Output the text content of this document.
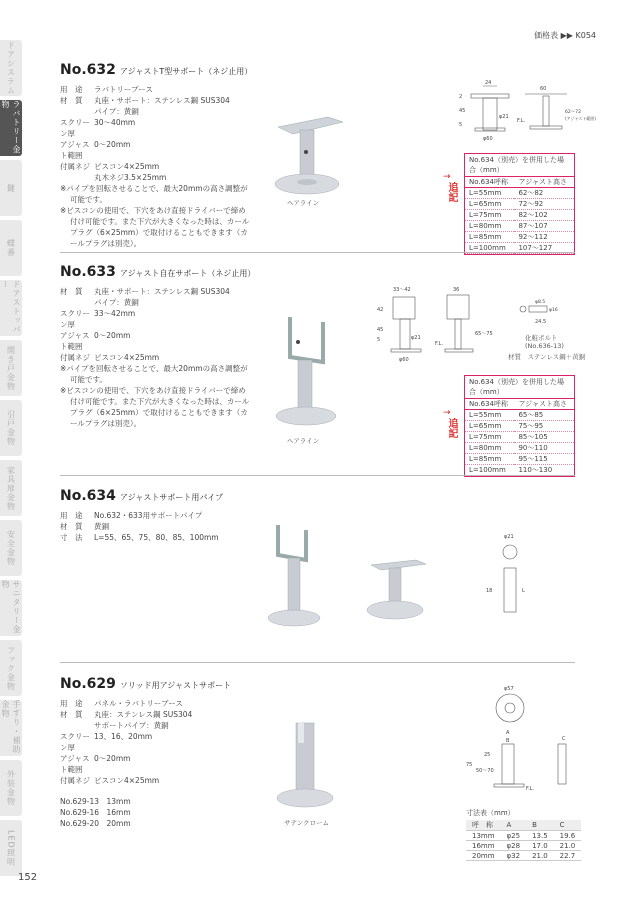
ドアシステム
ラバトリー金物
鍵
蝶番
ドアストッパー
開き戸金物
引戸金物
家具扉金物
安全金物
サニタリー金物
フック金物
手すり・補助金物
外装金物
LED照明
価格表 ▶▶ K054
152
No.632 アジャストT型サポート（ネジ止用）
用　途	ラバトリーブース
材　質	丸座・サポート：ステンレス鋼 SUS304
パイプ：黄銅
スクリーン厚
30〜40mm
アジャスト範囲
0〜20mm
付属ネジ ビスコン4×25mm
丸木ネジ3.5×25mm
※パイプを回転させることで、最大20mmの高さ調整が可能です。
※ビスコンの使用で、下穴をあけ直接ドライバーで締め付け可能です。また下穴が大きくなった時は、カールプラグ（6×25mm）で取付けることもできます（カールプラグは別売）。
ヘアライン
24
2
45
5
φ21
φ60
60
F.L.
62〜72
(アジャスト範囲)
→
追記
No.634（別売）を併用した場合（mm）
No.634呼称	アジャスト高さ
L=55mm	62〜82
L=65mm	72〜92
L=75mm	82〜102
L=80mm	87〜107
L=85mm	92〜112
L=100mm	107〜127
No.633 アジャスト自在サポート（ネジ止用）
材　質	丸座・サポート：ステンレス鋼 SUS304
パイプ：黄銅
スクリーン厚
33〜42mm
アジャスト範囲
0〜20mm
付属ネジ ビスコン4×25mm
※パイプを回転させることで、最大20mmの高さ調整が可能です。
※ビスコンの使用で、下穴をあけ直接ドライバーで締め付け可能です。また下穴が大きくなった時は、カールプラグ（6×25mm）で取付けることもできます（カールプラグは別売）。
ヘアライン
33〜42
42
45
5	φ21
φ60
36
F.L.
65〜75
φ8.5
φ16
24.5
化粧ボルト
(No.636-13)
材質　ステンレス鋼＋黄銅
→
追記
No.634（別売）を併用した場合（mm）
No.634呼称	アジャスト高さ
L=55mm	65〜85
L=65mm	75〜95
L=75mm	85〜105
L=80mm	90〜110
L=85mm	95〜115
L=100mm	110〜130
No.634 アジャストサポート用パイプ
用　途	No.632・633用サポートパイプ
材　質	黄銅
寸　法	L=55、65、75、80、85、100mm	φ21
18	L
No.629 ソリッド用アジャストサポート
用　途	パネル・ラバトリーブース
材　質	丸座：ステンレス鋼 SUS304
サポートパイプ：黄銅
スクリーン厚
13、16、20mm
アジャスト範囲
0〜20mm
付属ネジ ビスコン4×25mm
No.629-13　13mm
No.629-16　16mm
No.629-20　20mm	サテンクローム
φ57
A
B
75
50〜70
25
F.L.
C
寸法表（mm）
呼　称	A	B	C
13mm	φ25	13.5	19.6
16mm	φ28	17.0	21.0
20mm	φ32	21.0	22.7
